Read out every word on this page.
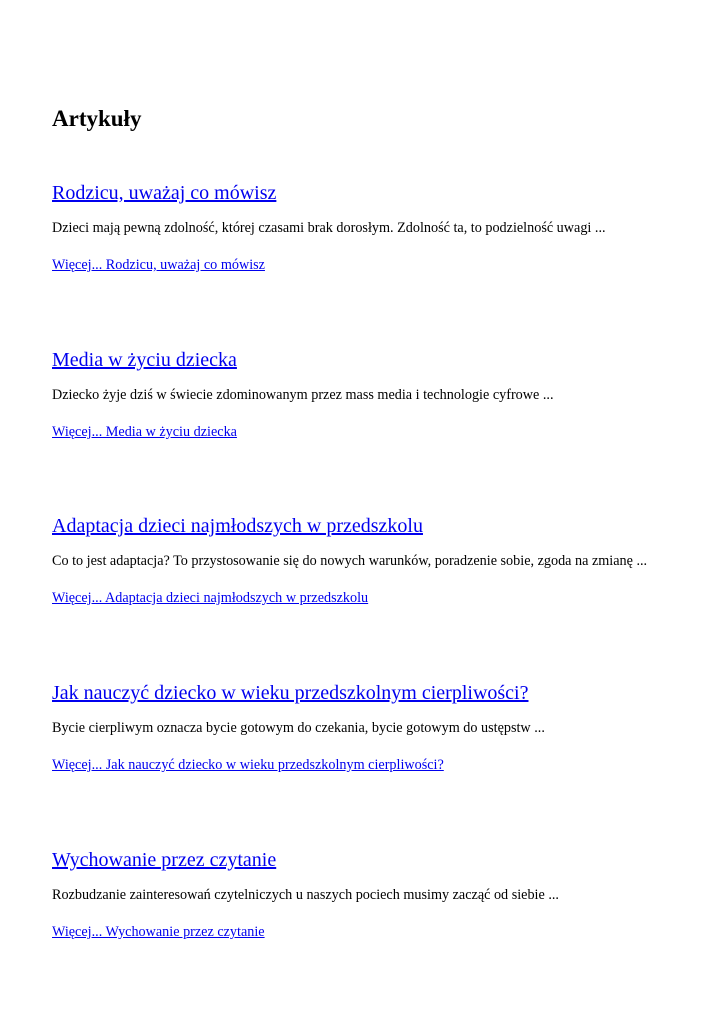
Artykuły
Rodzicu, uważaj co mówisz

Dzieci mają pewną zdolność, której czasami brak dorosłym. Zdolność ta, to podzielność uwagi ...

Więcej... Rodzicu, uważaj co mówisz
Media w życiu dziecka

Dziecko żyje dziś w świecie zdominowanym przez mass media i technologie cyfrowe ...

Więcej... Media w życiu dziecka
Adaptacja dzieci najmłodszych w przedszkolu

Co to jest adaptacja? To przystosowanie się do nowych warunków, poradzenie sobie, zgoda na zmianę ...

Więcej... Adaptacja dzieci najmłodszych w przedszkolu
Jak nauczyć dziecko w wieku przedszkolnym cierpliwości?

Bycie cierpliwym oznacza bycie gotowym do czekania, bycie gotowym do ustępstw ...

Więcej... Jak nauczyć dziecko w wieku przedszkolnym cierpliwości?
Wychowanie przez czytanie

Rozbudzanie zainteresowań czytelniczych u naszych pociech musimy zacząć od siebie ...

Więcej... Wychowanie przez czytanie
